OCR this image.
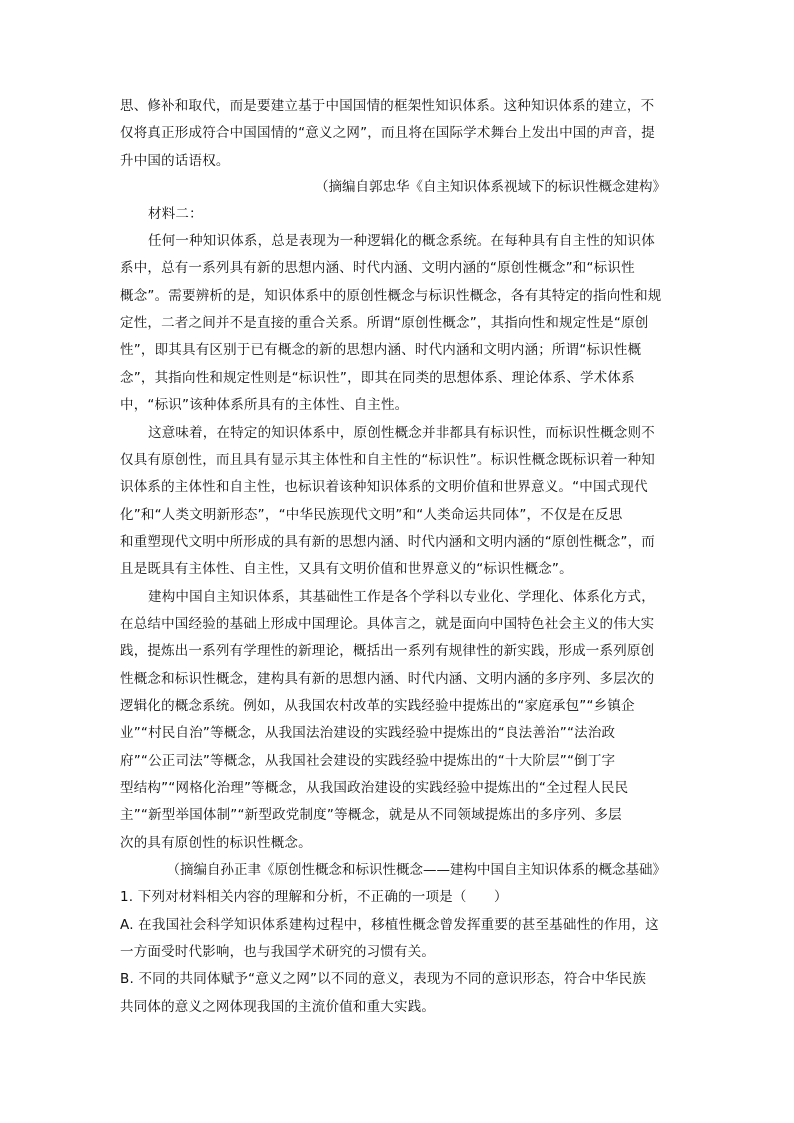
思、修补和取代，而是要建立基于中国国情的框架性知识体系。这种知识体系的建立，不
仅将真正形成符合中国国情的“意义之网”，而且将在国际学术舞台上发出中国的声音，提
升中国的话语权。
（摘编自郭忠华《自主知识体系视域下的标识性概念建构》
材料二：
任何一种知识体系，总是表现为一种逻辑化的概念系统。在每种具有自主性的知识体
系中，总有一系列具有新的思想内涵、时代内涵、文明内涵的“原创性概念”和“标识性
概念”。需要辨析的是，知识体系中的原创性概念与标识性概念，各有其特定的指向性和规
定性，二者之间并不是直接的重合关系。所谓“原创性概念”，其指向性和规定性是“原创
性”，即其具有区别于已有概念的新的思想内涵、时代内涵和文明内涵；所谓“标识性概
念”，其指向性和规定性则是“标识性”，即其在同类的思想体系、理论体系、学术体系
中，“标识”该种体系所具有的主体性、自主性。
这意味着，在特定的知识体系中，原创性概念并非都具有标识性，而标识性概念则不
仅具有原创性，而且具有显示其主体性和自主性的“标识性”。标识性概念既标识着一种知
识体系的主体性和自主性，也标识着该种知识体系的文明价值和世界意义。“中国式现代
化”和“人类文明新形态”，“中华民族现代文明”和“人类命运共同体”，不仅是在反思
和重塑现代文明中所形成的具有新的思想内涵、时代内涵和文明内涵的“原创性概念”，而
且是既具有主体性、自主性，又具有文明价值和世界意义的“标识性概念”。
建构中国自主知识体系，其基础性工作是各个学科以专业化、学理化、体系化方式，
在总结中国经验的基础上形成中国理论。具体言之，就是面向中国特色社会主义的伟大实
践，提炼出一系列有学理性的新理论，概括出一系列有规律性的新实践，形成一系列原创
性概念和标识性概念，建构具有新的思想内涵、时代内涵、文明内涵的多序列、多层次的
逻辑化的概念系统。例如，从我国农村改革的实践经验中提炼出的“家庭承包”“乡镇企
业”“村民自治”等概念，从我国法治建设的实践经验中提炼出的“良法善治”“法治政
府”“公正司法”等概念，从我国社会建设的实践经验中提炼出的“十大阶层”“倒丁字
型结构”“网格化治理”等概念，从我国政治建设的实践经验中提炼出的“全过程人民民
主”“新型举国体制”“新型政党制度”等概念，就是从不同领域提炼出的多序列、多层
次的具有原创性的标识性概念。
（摘编自孙正聿《原创性概念和标识性概念——建构中国自主知识体系的概念基础》
1. 下列对材料相关内容的理解和分析，不正确的一项是（　　）
A. 在我国社会科学知识体系建构过程中，移植性概念曾发挥重要的甚至基础性的作用，这
一方面受时代影响，也与我国学术研究的习惯有关。
B. 不同的共同体赋予“意义之网”以不同的意义，表现为不同的意识形态，符合中华民族
共同体的意义之网体现我国的主流价值和重大实践。
